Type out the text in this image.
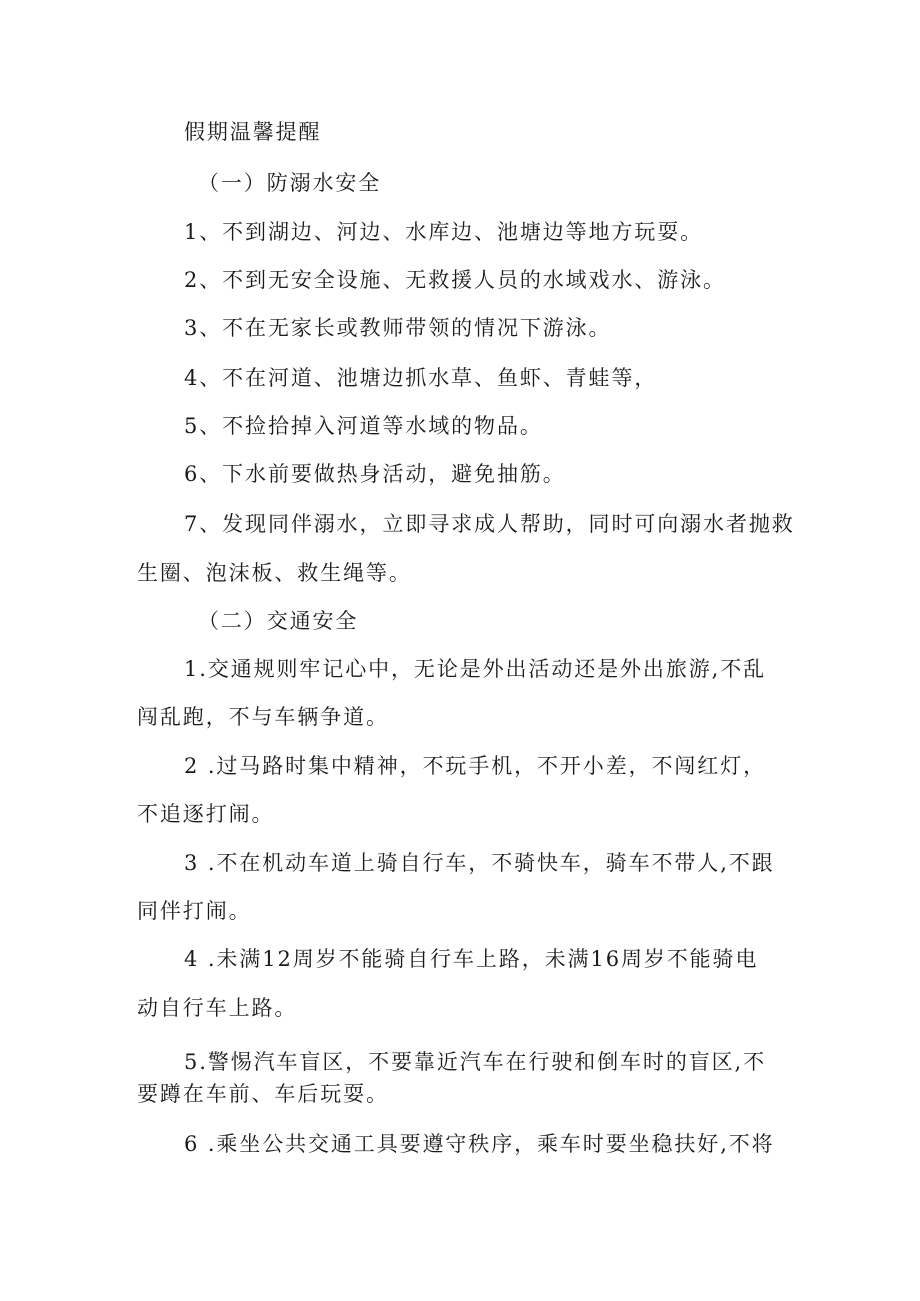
假期温馨提醒
（一）防溺水安全
1、不到湖边、河边、水库边、池塘边等地方玩耍。
2、不到无安全设施、无救援人员的水域戏水、游泳。
3、不在无家长或教师带领的情况下游泳。
4、不在河道、池塘边抓水草、鱼虾、青蛙等，
5、不捡拾掉入河道等水域的物品。
6、下水前要做热身活动，避免抽筋。
7、发现同伴溺水，立即寻求成人帮助，同时可向溺水者抛救
生圈、泡沫板、救生绳等。
（二）交通安全
1.交通规则牢记心中，无论是外出活动还是外出旅游,不乱
闯乱跑，不与车辆争道。
2 .过马路时集中精神，不玩手机，不开小差，不闯红灯，
不追逐打闹。
3 .不在机动车道上骑自行车，不骑快车，骑车不带人,不跟
同伴打闹。
4 .未满12周岁不能骑自行车上路，未满16周岁不能骑电
动自行车上路。
5.警惕汽车盲区，不要靠近汽车在行驶和倒车时的盲区,不
要蹲在车前、车后玩耍。
6 .乘坐公共交通工具要遵守秩序，乘车时要坐稳扶好,不将
